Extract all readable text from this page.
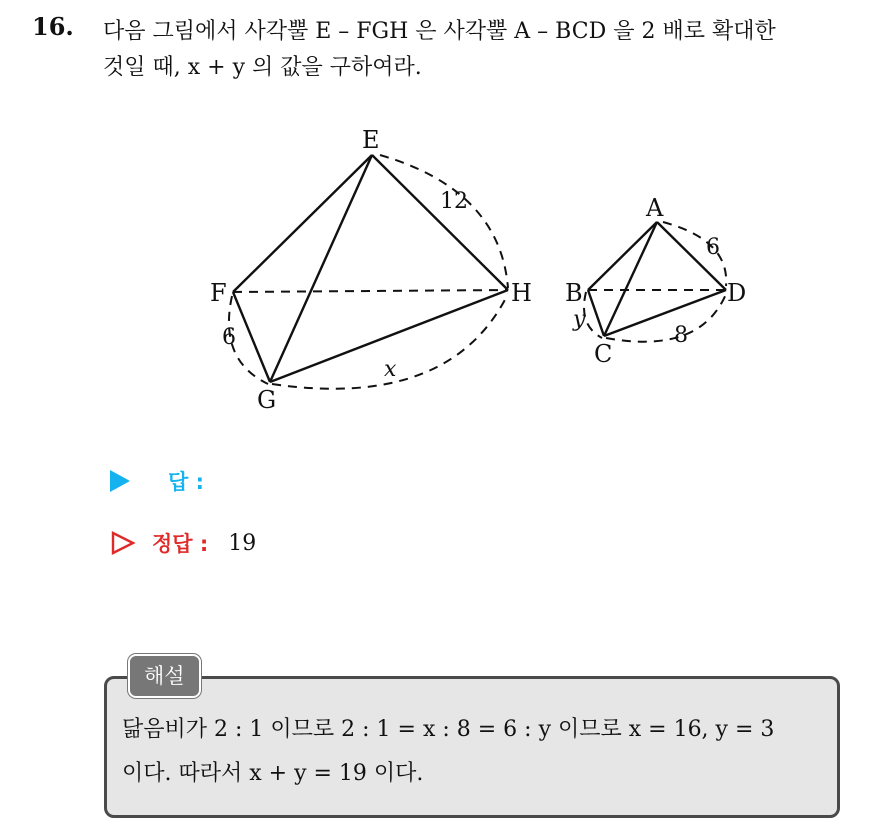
16. 다음 그림에서 사각뿔 E – FGH 은 사각뿔 A – BCD 을 2 배로 확대한
것일 때, x + y 의 값을 구하여라.
E
F
G
H
12
6
x
A
B
C
D
6
y
8
답 :
정답 : 19
해설
닮음비가 2 : 1 이므로 2 : 1 = x : 8 = 6 : y 이므로 x = 16, y = 3
이다. 따라서 x + y = 19 이다.
